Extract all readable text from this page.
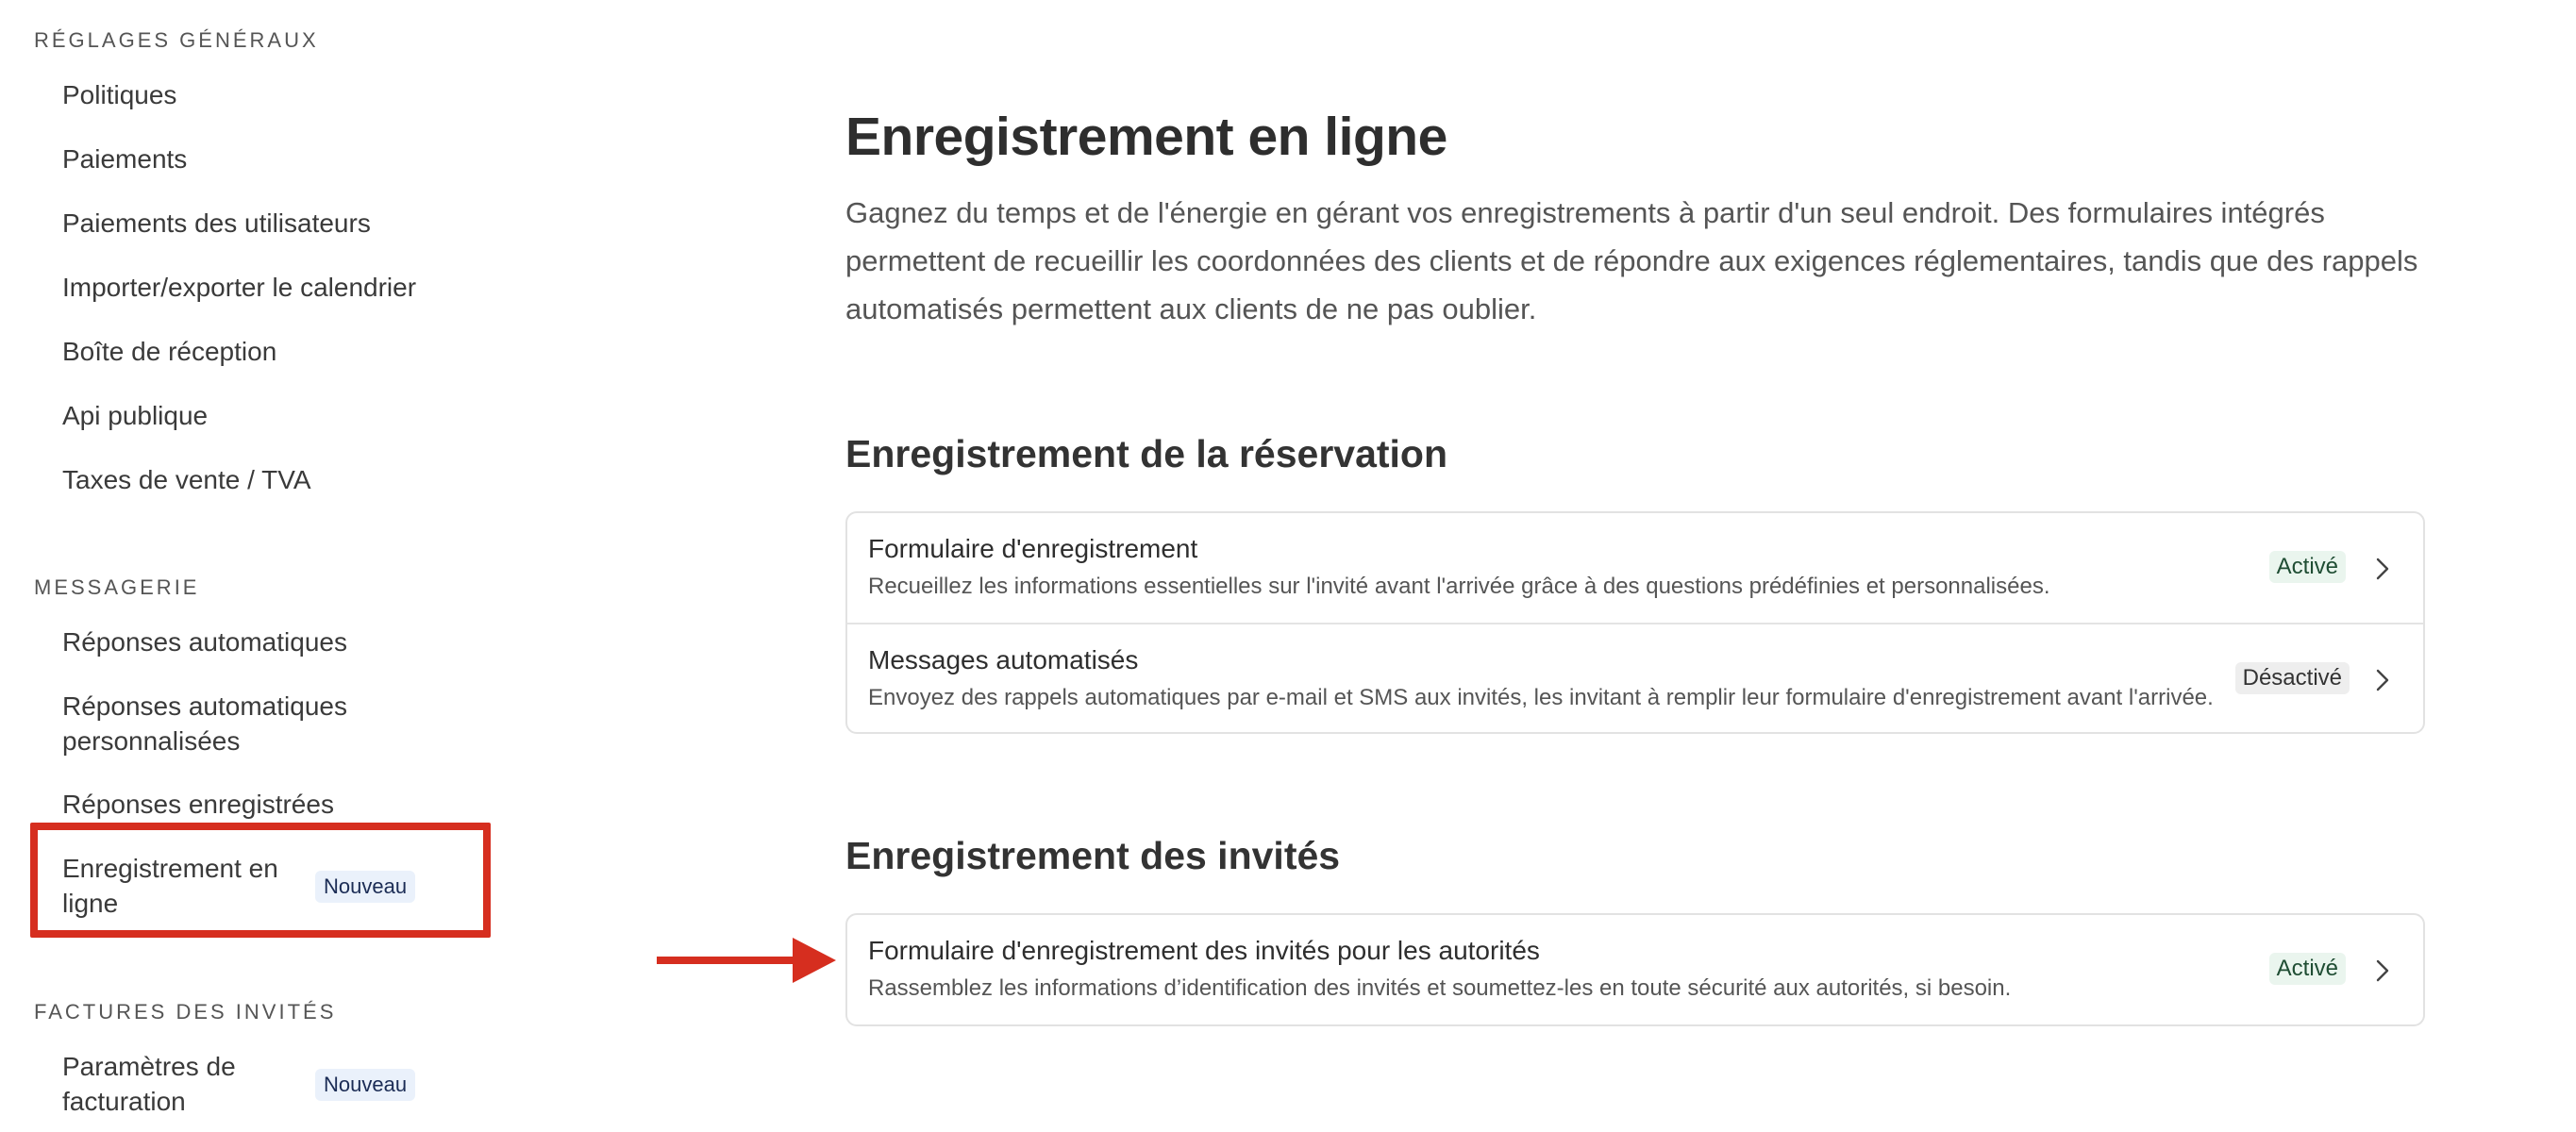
RÉGLAGES GÉNÉRAUX
Politiques
Paiements
Paiements des utilisateurs
Importer/exporter le calendrier
Boîte de réception
Api publique
Taxes de vente / TVA
MESSAGERIE
Réponses automatiques
Réponses automatiques personnalisées
Réponses enregistrées
Enregistrement en ligne
Nouveau
FACTURES DES INVITÉS
Paramètres de facturation
Nouveau
Enregistrement en ligne

Gagnez du temps et de l'énergie en gérant vos enregistrements à partir d'un seul endroit. Des formulaires intégrés permettent de recueillir les coordonnées des clients et de répondre aux exigences réglementaires, tandis que des rappels automatisés permettent aux clients de ne pas oublier.

Enregistrement de la réservation
Formulaire d'enregistrement
Recueillez les informations essentielles sur l'invité avant l'arrivée grâce à des questions prédéfinies et personnalisées.
Activé
Messages automatisés
Envoyez des rappels automatiques par e-mail et SMS aux invités, les invitant à remplir leur formulaire d'enregistrement avant l'arrivée.
Désactivé
Enregistrement des invités
Formulaire d'enregistrement des invités pour les autorités
Rassemblez les informations d’identification des invités et soumettez-les en toute sécurité aux autorités, si besoin.
Activé
